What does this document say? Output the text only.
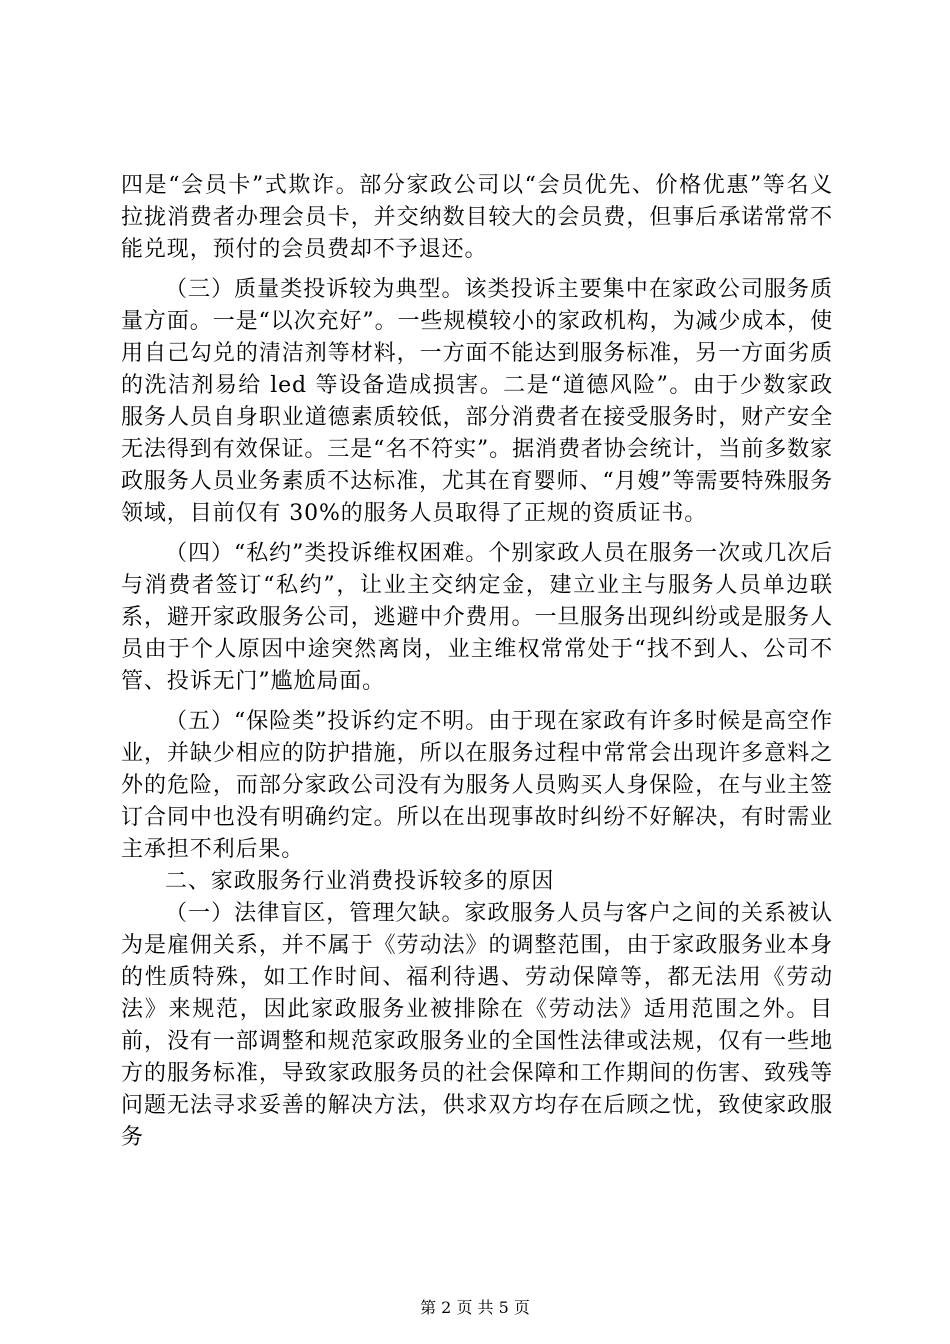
四是“会员卡”式欺诈。部分家政公司以“会员优先、价格优惠”等名义拉拢消费者办理会员卡，并交纳数目较大的会员费，但事后承诺常常不能兑现，预付的会员费却不予退还。

（三）质量类投诉较为典型。该类投诉主要集中在家政公司服务质量方面。一是“以次充好”。一些规模较小的家政机构，为减少成本，使用自己勾兑的清洁剂等材料，一方面不能达到服务标准，另一方面劣质的洗洁剂易给 led 等设备造成损害。二是“道德风险”。由于少数家政服务人员自身职业道德素质较低，部分消费者在接受服务时，财产安全无法得到有效保证。三是“名不符实”。据消费者协会统计，当前多数家政服务人员业务素质不达标准，尤其在育婴师、“月嫂”等需要特殊服务领域，目前仅有 30%的服务人员取得了正规的资质证书。

（四）“私约”类投诉维权困难。个别家政人员在服务一次或几次后与消费者签订“私约”，让业主交纳定金，建立业主与服务人员单边联系，避开家政服务公司，逃避中介费用。一旦服务出现纠纷或是服务人员由于个人原因中途突然离岗，业主维权常常处于“找不到人、公司不管、投诉无门”尴尬局面。

（五）“保险类”投诉约定不明。由于现在家政有许多时候是高空作业，并缺少相应的防护措施，所以在服务过程中常常会出现许多意料之外的危险，而部分家政公司没有为服务人员购买人身保险，在与业主签订合同中也没有明确约定。所以在出现事故时纠纷不好解决，有时需业主承担不利后果。

二、家政服务行业消费投诉较多的原因

（一）法律盲区，管理欠缺。家政服务人员与客户之间的关系被认为是雇佣关系，并不属于《劳动法》的调整范围，由于家政服务业本身的性质特殊，如工作时间、福利待遇、劳动保障等，都无法用《劳动法》来规范，因此家政服务业被排除在《劳动法》适用范围之外。目前，没有一部调整和规范家政服务业的全国性法律或法规，仅有一些地方的服务标准，导致家政服务员的社会保障和工作期间的伤害、致残等问题无法寻求妥善的解决方法，供求双方均存在后顾之忧，致使家政服务

第 2 页 共 5 页
